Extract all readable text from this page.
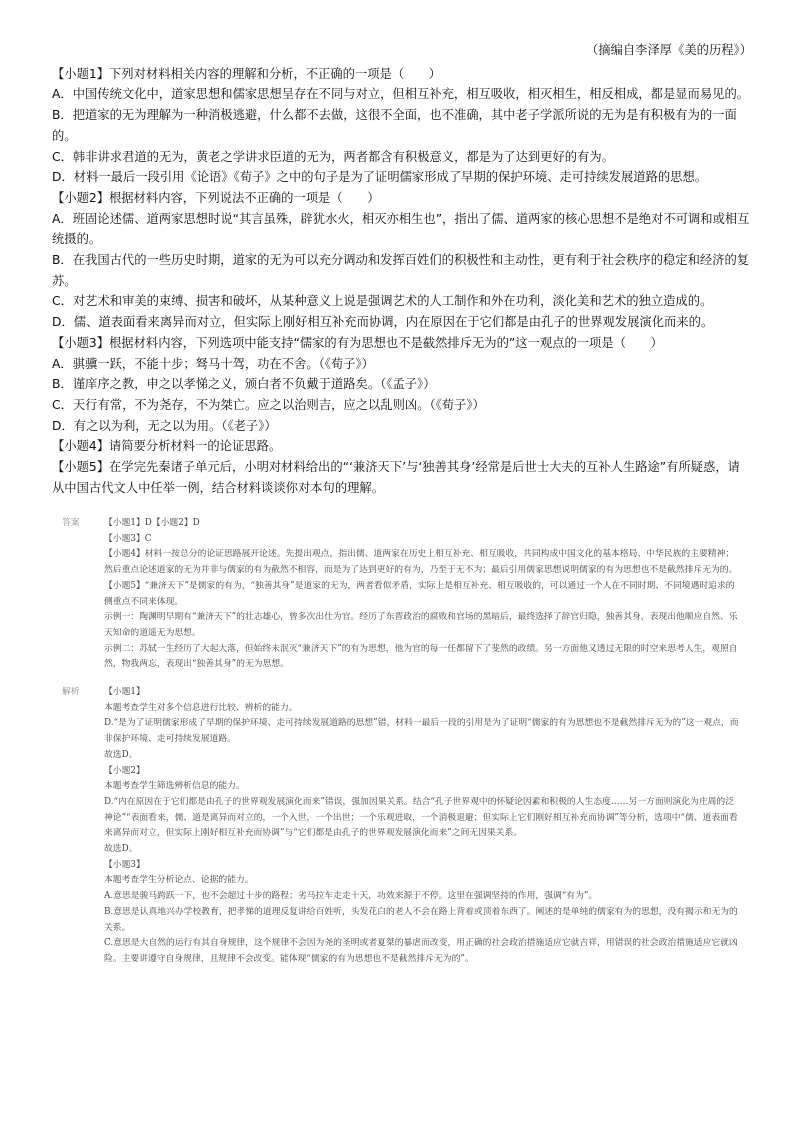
（摘编自李泽厚《美的历程》）

【小题1】下列对材料相关内容的理解和分析，不正确的一项是（　　）

A．中国传统文化中，道家思想和儒家思想呈存在不同与对立，但相互补充，相互吸收，相灭相生，相反相成，都是显而易见的。

B．把道家的无为理解为一种消极逃避，什么都不去做，这很不全面，也不准确，其中老子学派所说的无为是有积极有为的一面的。

C．韩非讲求君道的无为，黄老之学讲求臣道的无为，两者都含有积极意义，都是为了达到更好的有为。

D．材料一最后一段引用《论语》《荀子》之中的句子是为了证明儒家形成了早期的保护环境、走可持续发展道路的思想。

【小题2】根据材料内容，下列说法不正确的一项是（　　）

A．班固论述儒、道两家思想时说“其言虽殊，辟犹水火，相灭亦相生也”，指出了儒、道两家的核心思想不是绝对不可调和或相互统摄的。

B．在我国古代的一些历史时期，道家的无为可以充分调动和发挥百姓们的积极性和主动性，更有利于社会秩序的稳定和经济的复苏。

C．对艺术和审美的束缚、损害和破坏，从某种意义上说是强调艺术的人工制作和外在功利，淡化美和艺术的独立造成的。

D．儒、道表面看来离异而对立，但实际上刚好相互补充而协调，内在原因在于它们都是由孔子的世界观发展演化而来的。

【小题3】根据材料内容，下列选项中能支持“儒家的有为思想也不是截然排斥无为的”这一观点的一项是（　　）

A．骐骥一跃，不能十步；驽马十驾，功在不舍。（《荀子》）

B．谨庠序之教，申之以孝悌之义，颁白者不负戴于道路矣。（《孟子》）

C．天行有常，不为尧存，不为桀亡。应之以治则吉，应之以乱则凶。（《荀子》）

D．有之以为利，无之以为用。（《老子》）

【小题4】请简要分析材料一的论证思路。

【小题5】在学完先秦诸子单元后，小明对材料给出的“‘兼济天下’与‘独善其身’经常是后世士大夫的互补人生路途”有所疑惑，请从中国古代文人中任举一例，结合材料谈谈你对本句的理解。

答案	【小题1】D【小题2】D

【小题3】C

【小题4】材料一按总分的论证思路展开论述。先提出观点，指出儒、道两家在历史上相互补充、相互吸收，共同构成中国文化的基本格局、中华民族的主要精神；然后重点论述道家的无为并非与儒家的有为截然不相容，而是为了达到更好的有为，乃至于无不为；最后引用儒家思想说明儒家的有为思想也不是截然排斥无为的。

【小题5】“兼济天下”是儒家的有为，“独善其身”是道家的无为，两者看似矛盾，实际上是相互补充、相互吸收的，可以通过一个人在不同时期、不同境遇时追求的侧重点不同来体现。

示例一：陶渊明早期有“兼济天下”的壮志雄心，曾多次出仕为官。经历了东晋政治的腐败和官场的黑暗后，最终选择了辞官归隐，独善其身，表现出他顺应自然、乐天知命的道遥无为思想。

示例二：苏轼一生经历了大起大落，但始终未泯灭“兼济天下”的有为思想，他为官的每一任都留下了斐然的政绩。另一方面他又透过无限的时空来思考人生，观照自然，物我两忘，表现出“独善其身”的无为思想。

解析	【小题1】

本题考查学生对多个信息进行比较、辨析的能力。

D.“是为了证明儒家形成了早期的保护环境、走可持续发展道路的思想”错，材料一最后一段的引用是为了证明“儒家的有为思想也不是截然排斥无为的”这一观点，而非保护环境、走可持续发展道路。

故选D。

【小题2】

本题考查学生筛选辨析信息的能力。

D.“内在原因在于它们都是由孔子的世界观发展演化而来”错误，强加因果关系。结合“孔子世界观中的怀疑论因素和积极的人生态度……另一方面则演化为庄周的泛神论”“表面看来，儒、道是离异而对立的，一个入世，一个出世；一个乐观进取，一个消极退避；但实际上它们刚好相互补充而协调”等分析，选项中“儒、道表面看来离异而对立，但实际上刚好相互补充而协调”与“它们都是由孔子的世界观发展演化而来”之间无因果关系。

故选D。

【小题3】

本题考查学生分析论点、论据的能力。

A.意思是骏马跨跃一下，也不会超过十步的路程；劣马拉车走走十天，功效来源于不停。这里在强调坚持的作用，强调“有为”。

B.意思是认真地兴办学校教育，把孝悌的道理反复讲给百姓听，头发花白的老人不会在路上背着或顶着东西了。阐述的是单纯的儒家有为的思想，没有揭示和无为的关系。

C.意思是大自然的运行有其自身规律，这个规律不会因为尧的圣明或者夏桀的暴虐而改变，用正确的社会政治措施适应它就吉祥，用错误的社会政治措施适应它就凶险。主要讲遵守自身规律，且规律不会改变。能体现“儒家的有为思想也不是截然排斥无为的”。
